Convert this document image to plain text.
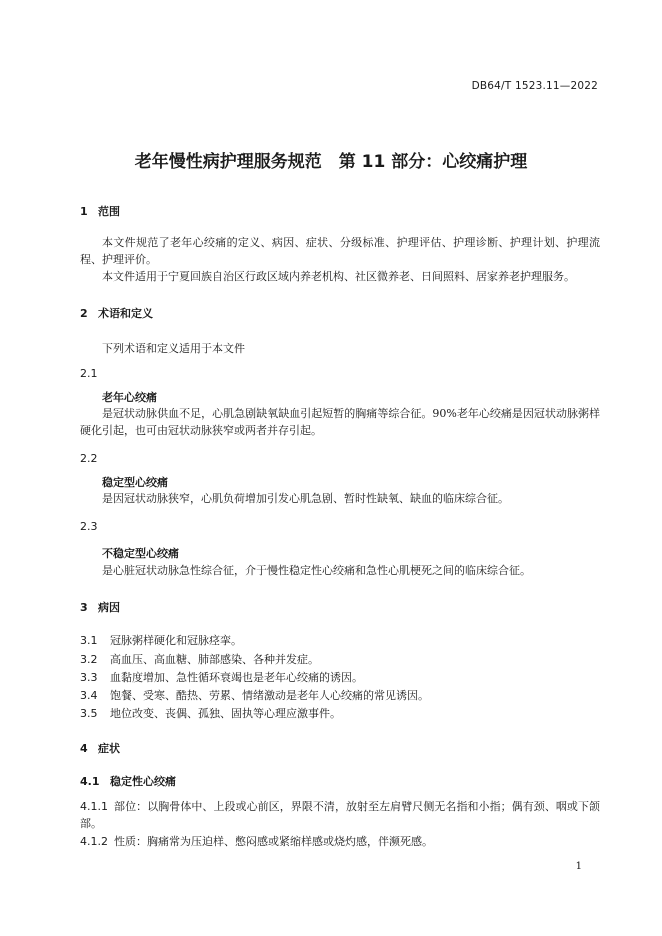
DB64/T 1523.11—2022
老年慢性病护理服务规范　第 11 部分：心绞痛护理
1 范围
本文件规范了老年心绞痛的定义、病因、症状、分级标准、护理评估、护理诊断、护理计划、护理流程、护理评价。
本文件适用于宁夏回族自治区行政区域内养老机构、社区微养老、日间照料、居家养老护理服务。
2 术语和定义
下列术语和定义适用于本文件
2.1
老年心绞痛
是冠状动脉供血不足，心肌急剧缺氧缺血引起短暂的胸痛等综合征。90%老年心绞痛是因冠状动脉粥样硬化引起，也可由冠状动脉狭窄或两者并存引起。
2.2
稳定型心绞痛
是因冠状动脉狭窄，心肌负荷增加引发心肌急剧、暂时性缺氧、缺血的临床综合征。
2.3
不稳定型心绞痛
是心脏冠状动脉急性综合征，介于慢性稳定性心绞痛和急性心肌梗死之间的临床综合征。
3 病因
3.1 冠脉粥样硬化和冠脉痉挛。
3.2 高血压、高血糖、肺部感染、各种并发症。
3.3 血黏度增加、急性循环衰竭也是老年心绞痛的诱因。
3.4 饱餐、受寒、酷热、劳累、情绪激动是老年人心绞痛的常见诱因。
3.5 地位改变、丧偶、孤独、固执等心理应激事件。
4 症状
4.1 稳定性心绞痛
4.1.1 部位：以胸骨体中、上段或心前区，界限不清，放射至左肩臂尺侧无名指和小指；偶有颈、咽或下颌部。
4.1.2 性质：胸痛常为压迫样、憋闷感或紧缩样感或烧灼感，伴濒死感。
1
